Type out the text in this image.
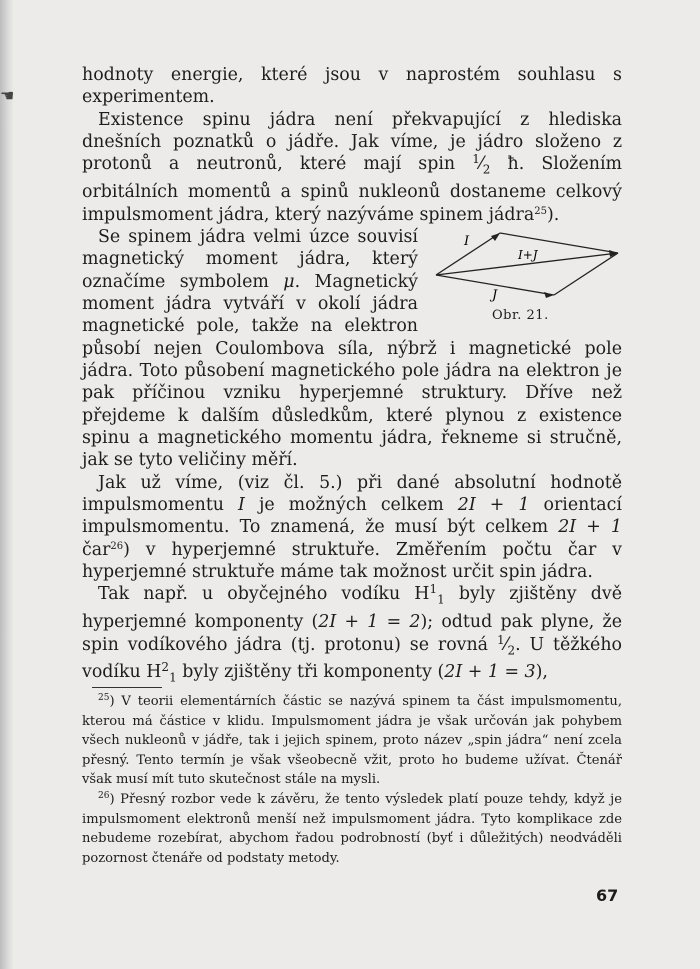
☚

hodnoty energie, které jsou v naprostém souhlasu s experimentem.

Existence spinu jádra není překvapující z hlediska dnešních poznatků o jádře. Jak víme, je jádro složeno z protonů a neutronů, které mají spin $^1⁄_2$ ħ. Složením orbitálních momentů a spinů nukleonů dostaneme celkový impulsmoment jádra, který nazýváme spinem jádra$^{25}$).

I
I+J
J
Obr. 21.

Se spinem jádra velmi úzce souvisí magnetický moment jádra, který označíme symbolem μ. Magnetický moment jádra vytváří v okolí jádra magnetické pole, takže na elektron působí nejen Coulombova síla, nýbrž i magnetické pole jádra. Toto působení magnetického pole jádra na elektron je pak příčinou vzniku hyperjemné struktury. Dříve než přejdeme k dalším důsledkům, které plynou z existence spinu a magnetického momentu jádra, řekneme si stručně, jak se tyto veličiny měří.

Jak už víme, (viz čl. 5.) při dané absolutní hodnotě impulsmomentu I je možných celkem 2I + 1 orientací impulsmomentu. To znamená, že musí být celkem 2I + 1 čar$^{26}$) v hyperjemné struktuře. Změřením počtu čar v hyperjemné struktuře máme tak možnost určit spin jádra.

Tak např. u obyčejného vodíku $H^1_1$ byly zjištěny dvě hyperjemné komponenty (2I + 1 = 2); odtud pak plyne, že spin vodíkového jádra (tj. protonu) se rovná $^1⁄_2$. U těžkého vodíku $H^2_1$ byly zjištěny tři komponenty (2I + 1 = 3),

$^{25}$) V teorii elementárních částic se nazývá spinem ta část impulsmomentu, kterou má částice v klidu. Impulsmoment jádra je však určován jak pohybem všech nukleonů v jádře, tak i jejich spinem, proto název „spin jádra“ není zcela přesný. Tento termín je však všeobecně vžit, proto ho budeme užívat. Čtenář však musí mít tuto skutečnost stále na mysli.

$^{26}$) Přesný rozbor vede k závěru, že tento výsledek platí pouze tehdy, když je impulsmoment elektronů menší než impulsmoment jádra. Tyto komplikace zde nebudeme rozebírat, abychom řadou podrobností (byť i důležitých) neodváděli pozornost čtenáře od podstaty metody.

67
